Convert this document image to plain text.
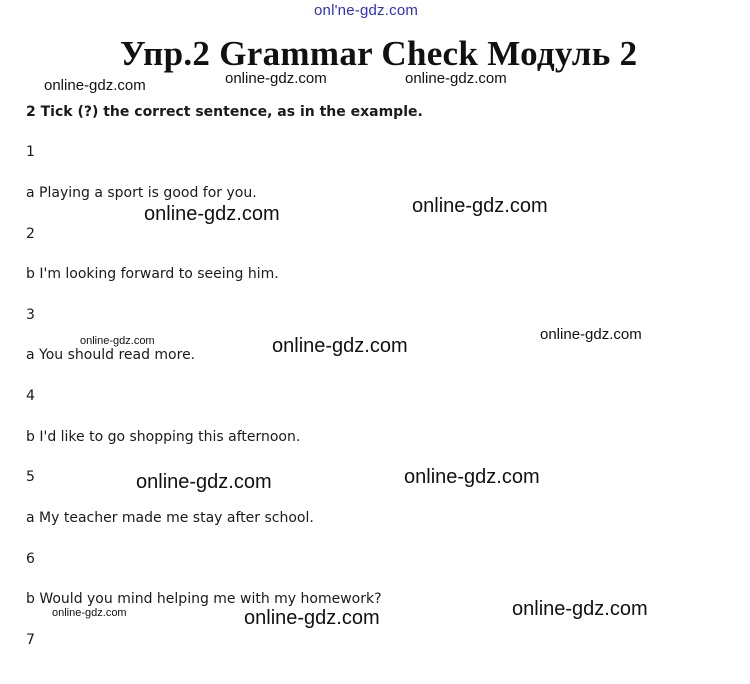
onl'ne-gdz.com
Упр.2 Grammar Check Модуль 2
2 Tick (?) the correct sentence, as in the example.
1
a Playing a sport is good for you.
2
b I'm looking forward to seeing him.
3
a You should read more.
4
b I'd like to go shopping this afternoon.
5
a My teacher made me stay after school.
6
b Would you mind helping me with my homework?
7
online-gdz.com	online-gdz.com	online-gdz.com
online-gdz.com	online-gdz.com
online-gdz.com	online-gdz.com
online-gdz.com
online-gdz.com	online-gdz.com
online-gdz.com	online-gdz.com	online-gdz.com
